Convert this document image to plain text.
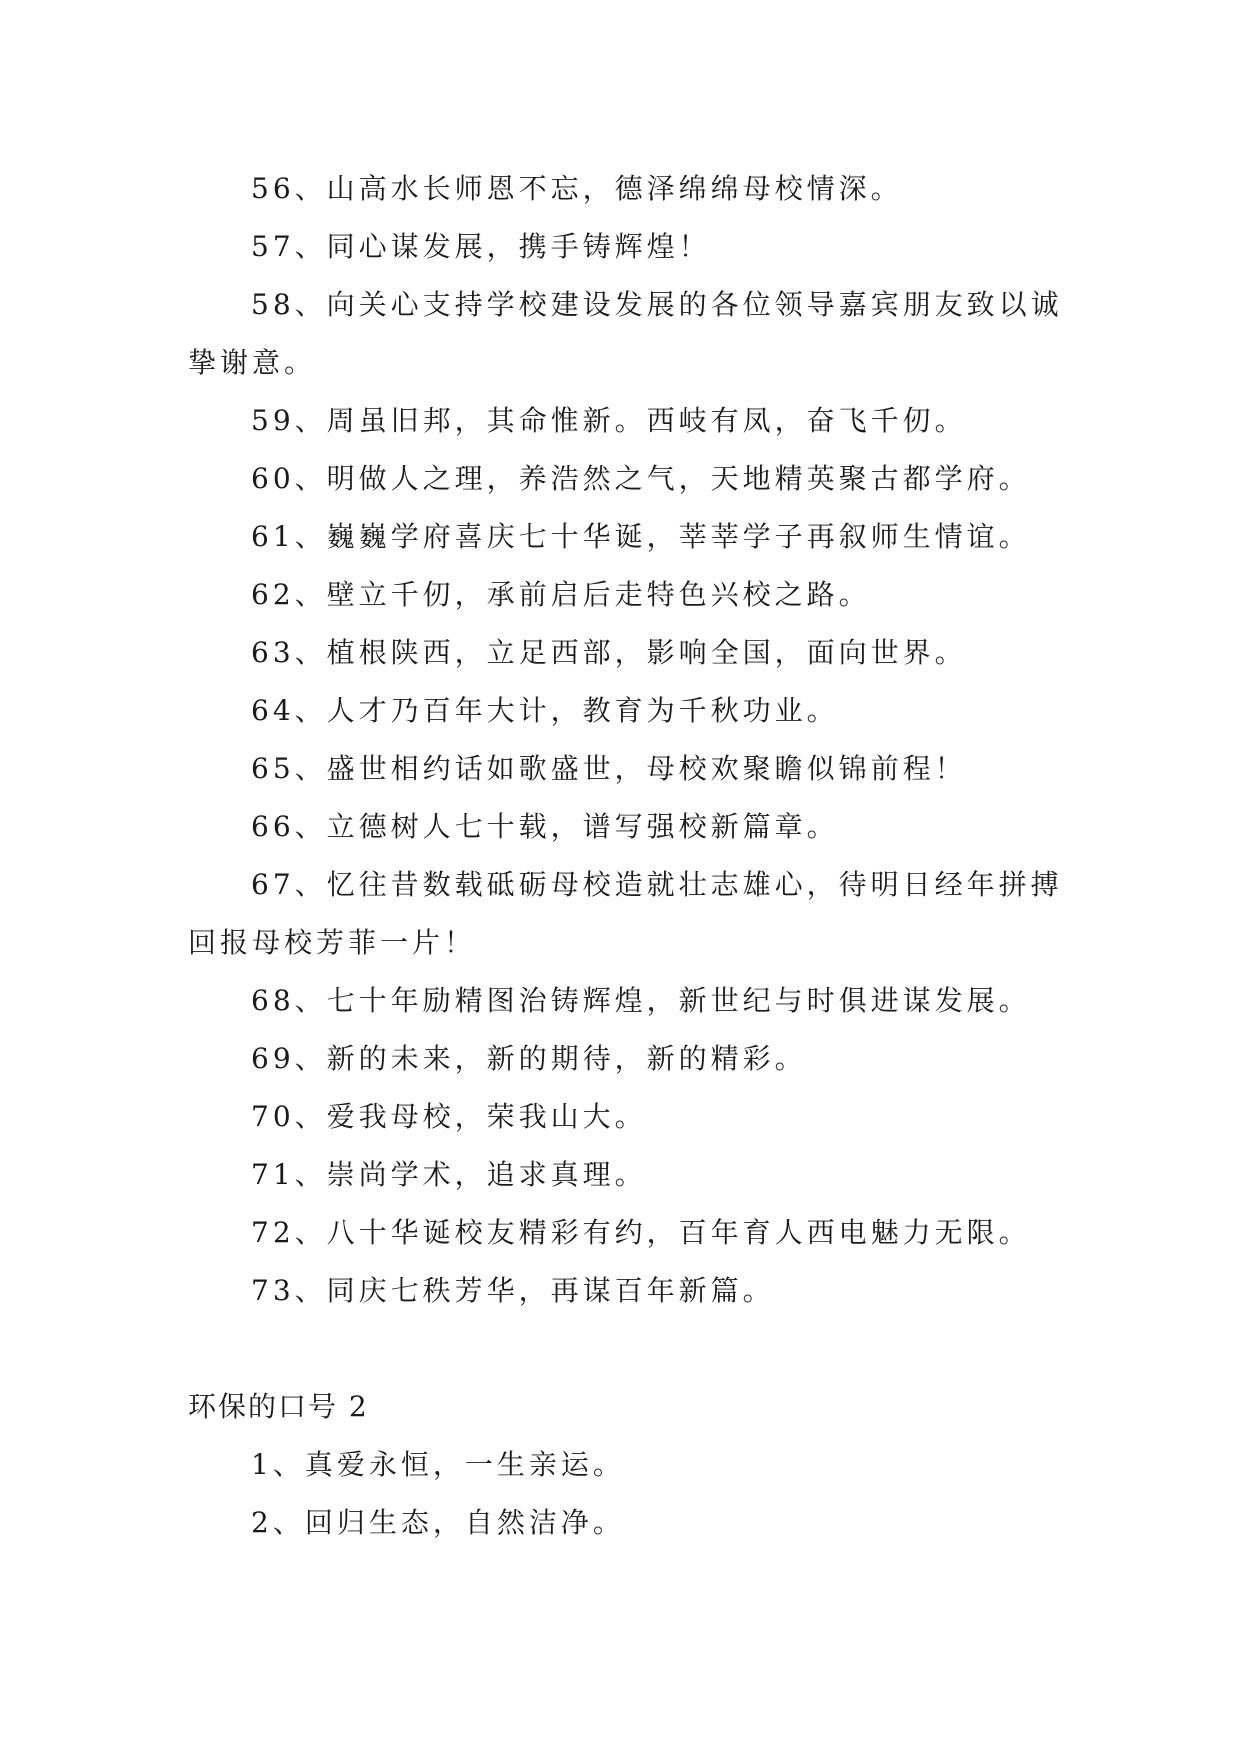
56、山高水长师恩不忘，德泽绵绵母校情深。

57、同心谋发展，携手铸辉煌！

58、向关心支持学校建设发展的各位领导嘉宾朋友致以诚挚谢意。

59、周虽旧邦，其命惟新。西岐有凤，奋飞千仞。

60、明做人之理，养浩然之气，天地精英聚古都学府。

61、巍巍学府喜庆七十华诞，莘莘学子再叙师生情谊。

62、壁立千仞，承前启后走特色兴校之路。

63、植根陕西，立足西部，影响全国，面向世界。

64、人才乃百年大计，教育为千秋功业。

65、盛世相约话如歌盛世，母校欢聚瞻似锦前程！

66、立德树人七十载，谱写强校新篇章。

67、忆往昔数载砥砺母校造就壮志雄心，待明日经年拼搏回报母校芳菲一片！

68、七十年励精图治铸辉煌，新世纪与时俱进谋发展。

69、新的未来，新的期待，新的精彩。

70、爱我母校，荣我山大。

71、崇尚学术，追求真理。

72、八十华诞校友精彩有约，百年育人西电魅力无限。

73、同庆七秩芳华，再谋百年新篇。

环保的口号 2

1、真爱永恒，一生亲运。

2、回归生态，自然洁净。
